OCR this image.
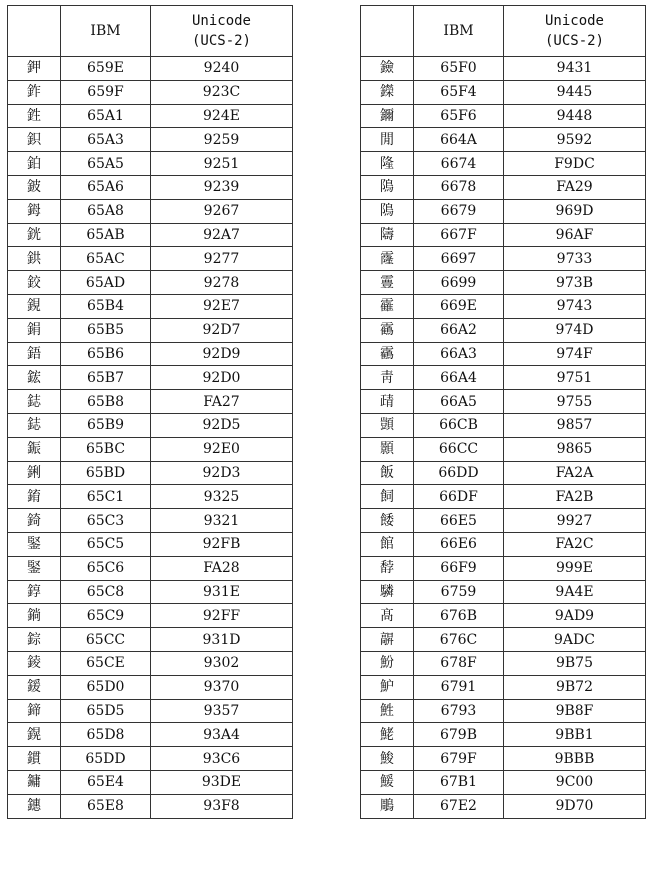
	IBM	Unicode
(UCS-2)

鉀	659E	9240
鈼	659F	923C
鉎	65A1	924E
鉙	65A3	9259
鉑	65A5	9251
鈹	65A6	9239
鉧	65A8	9267
銧	65AB	92A7
鉷	65AC	9277
鉸	65AD	9278
鋧	65B4	92E7
鋗	65B5	92D7
鋙	65B6	92D9
鋐	65B7	92D0
鋕	65B8	FA27
鋕	65B9	92D5
鋠	65BC	92E0
鋓	65BD	92D3
錥	65C1	9325
錡	65C3	9321
鋻	65C5	92FB
鋻	65C6	FA28
錞	65C8	931E
鋿	65C9	92FF
錝	65CC	931D
錂	65CE	9302
鍰	65D0	9370
鍗	65D5	9357
鎤	65D8	93A4
鏆	65DD	93C6
鏞	65E4	93DE
鏸	65E8	93F8
	IBM	Unicode
(UCS-2)

鐱	65F0	9431
鑅	65F4	9445
鑈	65F6	9448
閒	664A	9592
隆	6674	F9DC
隝	6678	FA29
隝	6679	969D
隯	667F	96AF
霳	6697	9733
霻	6699	973B
靃	669E	9743
靍	66A2	974D
靏	66A3	974F
靑	66A4	9751
靕	66A5	9755
顗	66CB	9857
顥	66CC	9865
飯	66DD	FA2A
飼	66DF	FA2B
餧	66E5	9927
館	66E6	FA2C
馞	66F9	999E
驎	6759	9A4E
髙	676B	9AD9
髜	676C	9ADC
魵	678F	9B75
魲	6791	9B72
鮏	6793	9B8F
鮱	679B	9BB1
鮻	679F	9BBB
鰀	67B1	9C00
鵰	67E2	9D70
